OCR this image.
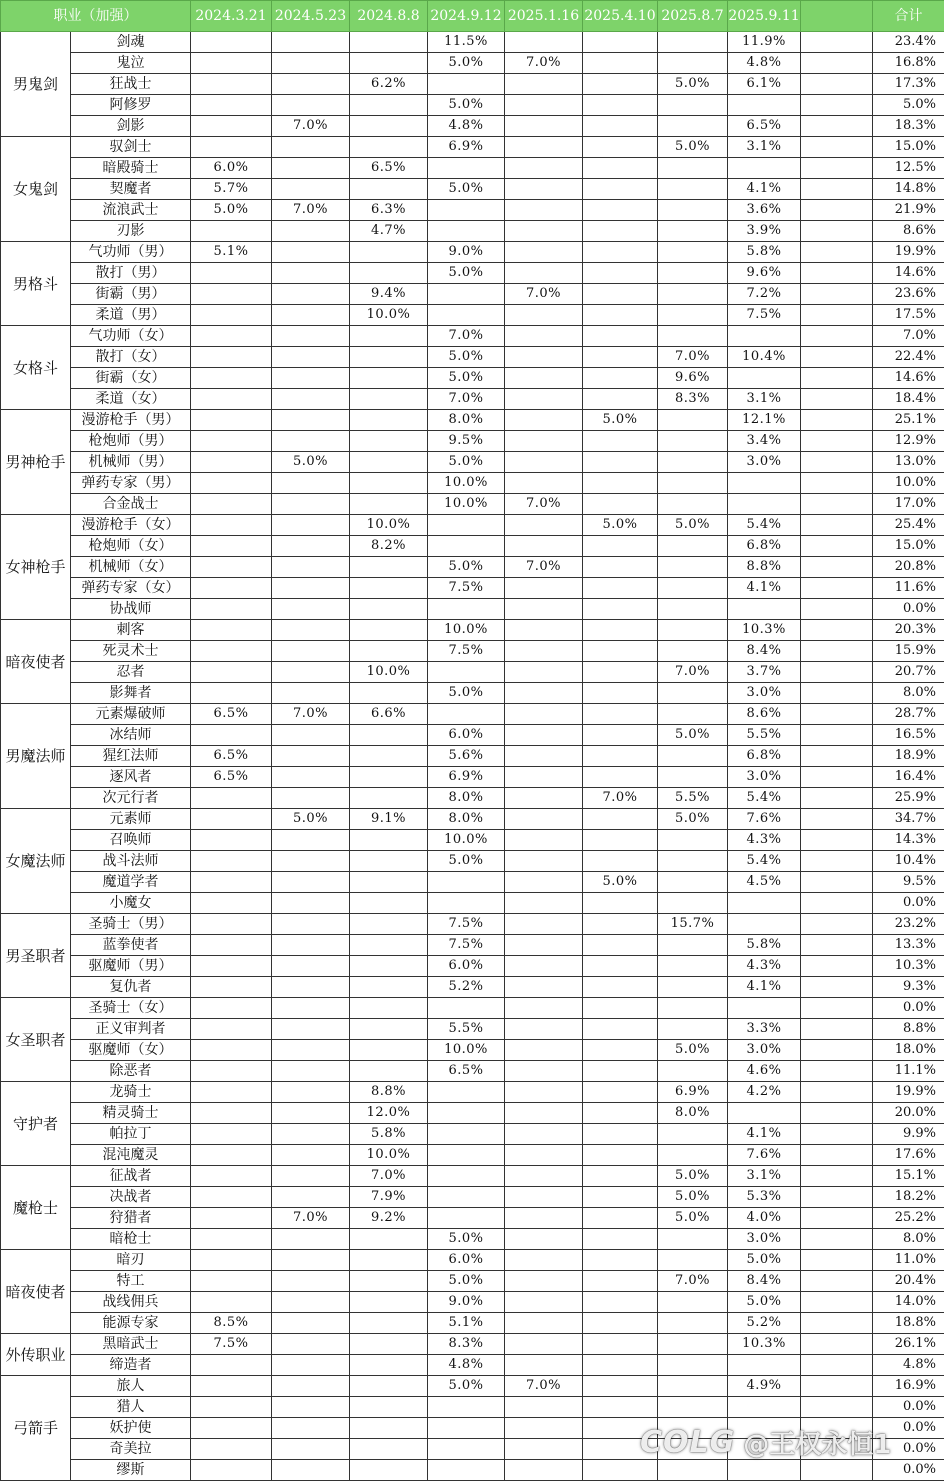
职业（加强）		2024.3.21	2024.5.23	2024.8.8	2024.9.12	2025.1.16	2025.4.10	2025.8.7	2025.9.11		合计
男鬼剑	剑魂				11.5%				11.9%		23.4%
	鬼泣				5.0%	7.0%			4.8%		16.8%
	狂战士			6.2%				5.0%	6.1%		17.3%
	阿修罗				5.0%						5.0%
	剑影		7.0%		4.8%				6.5%		18.3%
女鬼剑	驭剑士				6.9%			5.0%	3.1%		15.0%
	暗殿骑士	6.0%		6.5%							12.5%
	契魔者	5.7%			5.0%				4.1%		14.8%
	流浪武士	5.0%	7.0%	6.3%					3.6%		21.9%
	刃影			4.7%					3.9%		8.6%
男格斗	气功师（男）	5.1%			9.0%				5.8%		19.9%
	散打（男）				5.0%				9.6%		14.6%
	街霸（男）			9.4%		7.0%			7.2%		23.6%
	柔道（男）			10.0%					7.5%		17.5%
女格斗	气功师（女）				7.0%						7.0%
	散打（女）				5.0%			7.0%	10.4%		22.4%
	街霸（女）				5.0%			9.6%			14.6%
	柔道（女）				7.0%			8.3%	3.1%		18.4%
男神枪手	漫游枪手（男）				8.0%		5.0%		12.1%		25.1%
	枪炮师（男）				9.5%				3.4%		12.9%
	机械师（男）		5.0%		5.0%				3.0%		13.0%
	弹药专家（男）				10.0%						10.0%
	合金战士				10.0%	7.0%					17.0%
女神枪手	漫游枪手（女）			10.0%			5.0%	5.0%	5.4%		25.4%
	枪炮师（女）			8.2%					6.8%		15.0%
	机械师（女）				5.0%	7.0%			8.8%		20.8%
	弹药专家（女）				7.5%				4.1%		11.6%
	协战师										0.0%
暗夜使者	刺客				10.0%				10.3%		20.3%
	死灵术士				7.5%				8.4%		15.9%
	忍者			10.0%				7.0%	3.7%		20.7%
	影舞者				5.0%				3.0%		8.0%
男魔法师	元素爆破师	6.5%	7.0%	6.6%					8.6%		28.7%
	冰结师				6.0%			5.0%	5.5%		16.5%
	猩红法师	6.5%			5.6%				6.8%		18.9%
	逐风者	6.5%			6.9%				3.0%		16.4%
	次元行者				8.0%		7.0%	5.5%	5.4%		25.9%
女魔法师	元素师		5.0%	9.1%	8.0%			5.0%	7.6%		34.7%
	召唤师				10.0%				4.3%		14.3%
	战斗法师				5.0%				5.4%		10.4%
	魔道学者						5.0%		4.5%		9.5%
	小魔女										0.0%
男圣职者	圣骑士（男）				7.5%			15.7%			23.2%
	蓝拳使者				7.5%				5.8%		13.3%
	驱魔师（男）				6.0%				4.3%		10.3%
	复仇者				5.2%				4.1%		9.3%
女圣职者	圣骑士（女）										0.0%
	正义审判者				5.5%				3.3%		8.8%
	驱魔师（女）				10.0%			5.0%	3.0%		18.0%
	除恶者				6.5%				4.6%		11.1%
守护者	龙骑士			8.8%				6.9%	4.2%		19.9%
	精灵骑士			12.0%				8.0%			20.0%
	帕拉丁			5.8%					4.1%		9.9%
	混沌魔灵			10.0%					7.6%		17.6%
魔枪士	征战者			7.0%				5.0%	3.1%		15.1%
	决战者			7.9%				5.0%	5.3%		18.2%
	狩猎者		7.0%	9.2%				5.0%	4.0%		25.2%
	暗枪士				5.0%				3.0%		8.0%
暗夜使者	暗刃				6.0%				5.0%		11.0%
	特工				5.0%			7.0%	8.4%		20.4%
	战线佣兵				9.0%				5.0%		14.0%
	能源专家	8.5%			5.1%				5.2%		18.8%
外传职业	黑暗武士	7.5%			8.3%				10.3%		26.1%
	缔造者				4.8%						4.8%
弓箭手	旅人				5.0%	7.0%			4.9%		16.9%
	猎人										0.0%
	妖护使										0.0%
	奇美拉										0.0%
	缪斯										0.0%
COLG @王权永恒1
